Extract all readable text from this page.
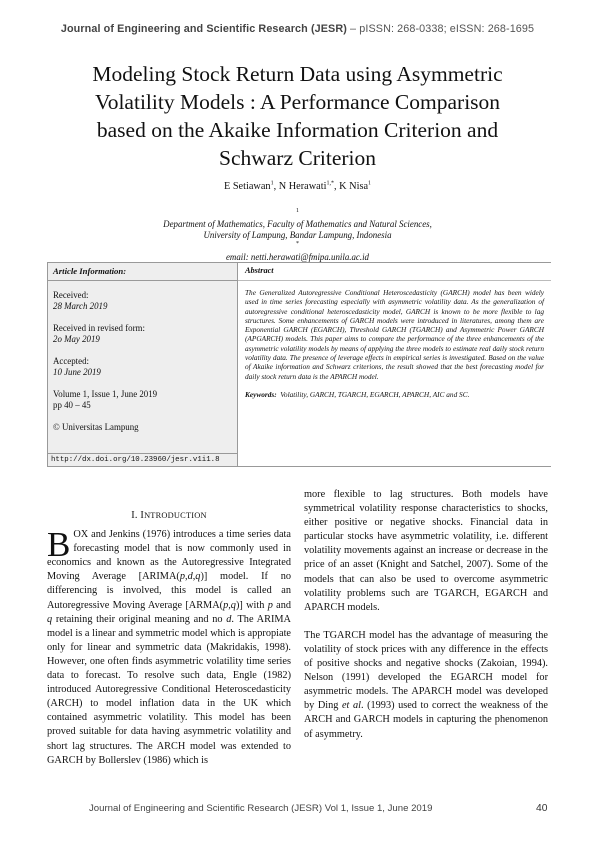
Journal of Engineering and Scientific Research (JESR) – pISSN: 268-0338; eISSN: 268-1695
Modeling Stock Return Data using Asymmetric
Volatility Models : A Performance Comparison
based on the Akaike Information Criterion and
Schwarz Criterion
E Setiawan$^1$, N Herawati$^{1,*}$, K Nisa$^1$
$^1$
Department of Mathematics, Faculty of Mathematics and Natural Sciences,
University of Lampung, Bandar Lampung, Indonesia
*
email: netti.herawati@fmipa.unila.ac.id
Article Information:
Received:
28 March 2019
Received in revised form:
2o May 2019
Accepted:
10 June 2019
Volume 1, Issue 1, June 2019
pp 40 – 45
© Universitas Lampung
http://dx.doi.org/10.23960/jesr.v1i1.8
Abstract
The Generalized Autoregressive Conditional Heteroscedasticity (GARCH) model has been widely used in time series forecasting especially with asymmetric volatility data. As the generalization of autoregressive conditional heteroscedasticity model, GARCH is known to be more flexible to lag structures. Some enhancements of GARCH models were introduced in literatures, among them are Exponential GARCH (EGARCH), Threshold GARCH (TGARCH) and Asymmetric Power GARCH (APGARCH) models. This paper aims to compare the performance of the three enhancements of the asymmetric volatility models by means of applying the three models to estimate real daily stock return volatility data. The presence of leverage effects in empirical series is investigated. Based on the value of Akaike information and Schwarz criterions, the result showed that the best forecasting model for daily stock return data is the APARCH model.
Keywords: Volatility, GARCH, TGARCH, EGARCH, APARCH, AIC and SC.
I. INTRODUCTION

BOX and Jenkins (1976) introduces a time series data forecasting model that is now commonly used in economics and known as the Autoregressive Integrated Moving Average [ARIMA(p,d,q)] model. If no differencing is involved, this model is called an Autoregressive Moving Average [ARMA(p,q)] with p and q retaining their original meaning and no d. The ARIMA model is a linear and symmetric model which is appropiate only for linear and symmetric data (Makridakis, 1998). However, one often finds asymmetric volatility time series data to forecast. To resolve such data, Engle (1982) introduced Autoregressive Conditional Heteroscedasticity (ARCH) to model inflation data in the UK which contained asymmetric volatility. This model has been proved suitable for data having asymmetric volatility and short lag structures. The ARCH model was extended to GARCH by Bollerslev (1986) which is

more flexible to lag structures. Both models have symmetrical volatility response characteristics to shocks, either positive or negative shocks. Financial data in particular stocks have asymmetric volatility, i.e. different volatility movements against an increase or decrease in the price of an asset (Knight and Satchel, 2007). Some of the models that can also be used to overcome asymmetric volatility problems such are TGARCH, EGARCH and APARCH models.

The TGARCH model has the advantage of measuring the volatility of stock prices with any difference in the effects of positive shocks and negative shocks (Zakoian, 1994). Nelson (1991) developed the EGARCH model for asymmetric models. The APARCH model was developed by Ding et al. (1993) used to correct the weakness of the ARCH and GARCH models in capturing the phenomenon of asymmetry.

Journal of Engineering and Scientific Research (JESR) Vol 1, Issue 1, June 2019	40
